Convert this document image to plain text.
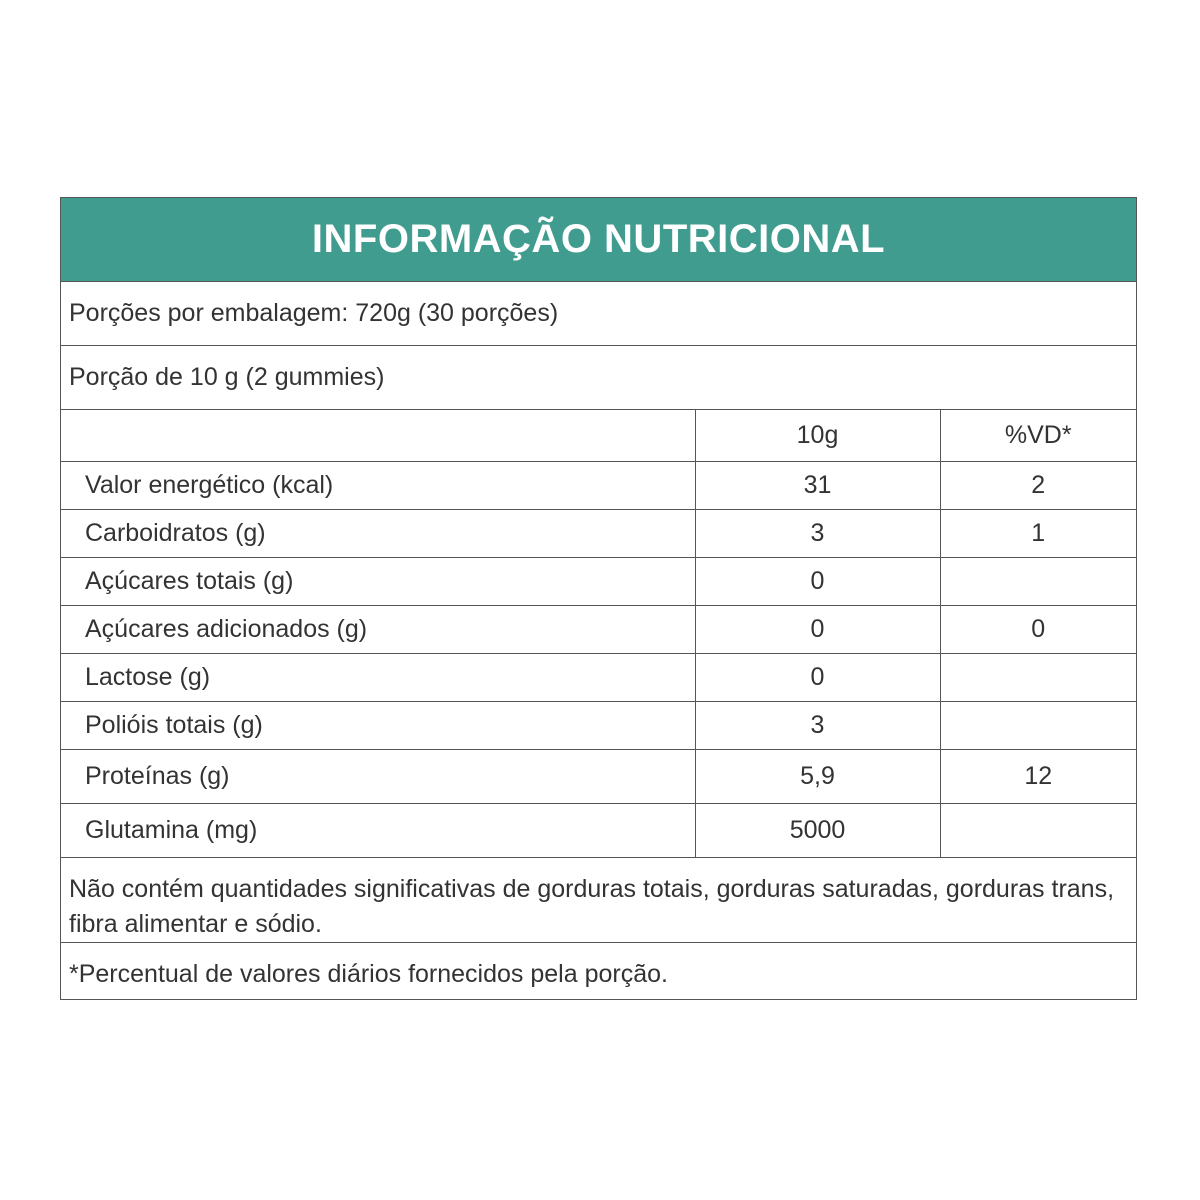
INFORMAÇÃO NUTRICIONAL
Porções por embalagem: 720g (30 porções)
Porção de 10 g (2 gummies)
	10g	%VD*
Valor energético (kcal)	31	2
Carboidratos (g)	3	1
Açúcares totais (g)	0	
Açúcares adicionados (g)	0	0
Lactose (g)	0	
Polióis totais (g)	3	
Proteínas (g)	5,9	12
Glutamina (mg)	5000	
Não contém quantidades significativas de gorduras totais, gorduras saturadas, gorduras trans, fibra alimentar e sódio.
*Percentual de valores diários fornecidos pela porção.
